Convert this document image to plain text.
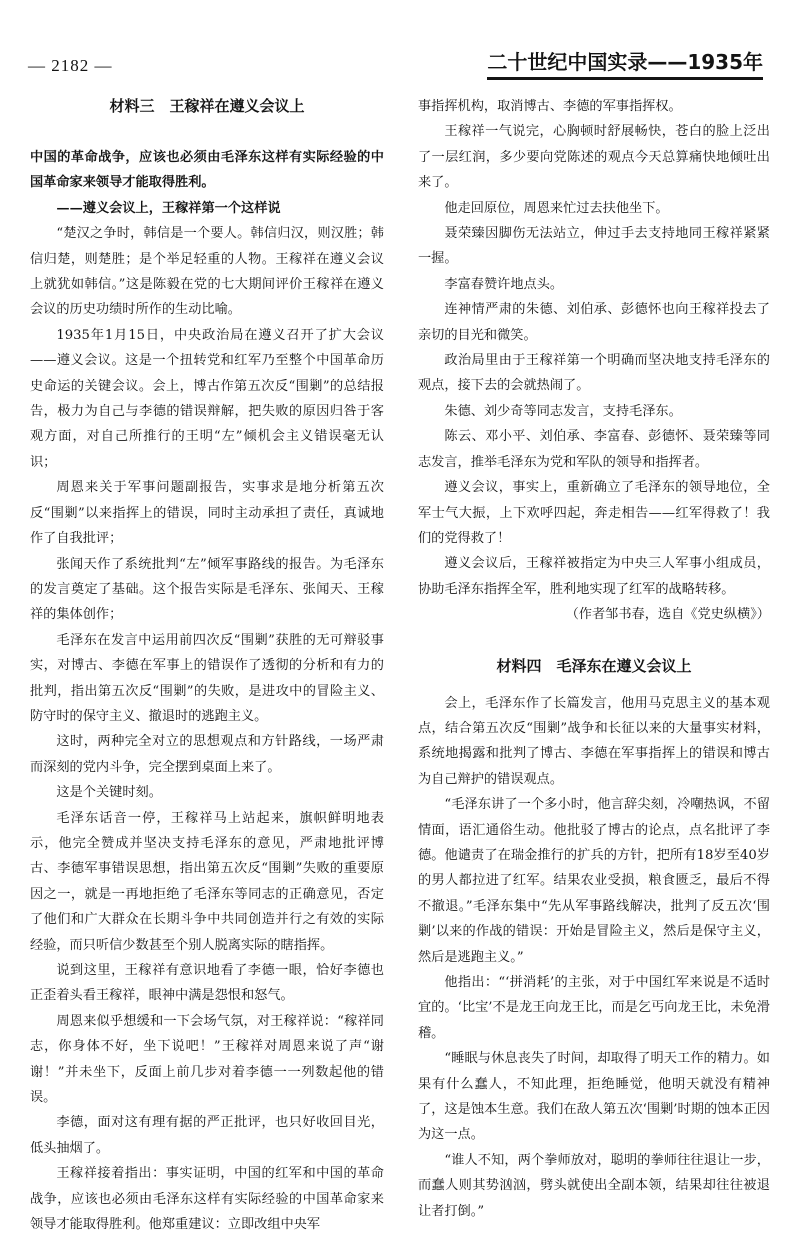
— 2182 —	二十世纪中国实录——1935年
材料三　王稼祥在遵义会议上

中国的革命战争，应该也必须由毛泽东这样有实际经验的中国革命家来领导才能取得胜利。

——遵义会议上，王稼祥第一个这样说

“楚汉之争时，韩信是一个要人。韩信归汉，则汉胜；韩信归楚，则楚胜；是个举足轻重的人物。王稼祥在遵义会议上就犹如韩信。”这是陈毅在党的七大期间评价王稼祥在遵义会议的历史功绩时所作的生动比喻。

1935年1月15日，中央政治局在遵义召开了扩大会议——遵义会议。这是一个扭转党和红军乃至整个中国革命历史命运的关键会议。会上，博古作第五次反“围剿”的总结报告，极力为自己与李德的错误辩解，把失败的原因归咎于客观方面，对自己所推行的王明“左”倾机会主义错误毫无认识；

周恩来关于军事问题副报告，实事求是地分析第五次反“围剿”以来指挥上的错误，同时主动承担了责任，真诚地作了自我批评；

张闻天作了系统批判“左”倾军事路线的报告。为毛泽东的发言奠定了基础。这个报告实际是毛泽东、张闻天、王稼祥的集体创作；

毛泽东在发言中运用前四次反“围剿”获胜的无可辩驳事实，对博古、李德在军事上的错误作了透彻的分析和有力的批判，指出第五次反“围剿”的失败，是进攻中的冒险主义、防守时的保守主义、撤退时的逃跑主义。

这时，两种完全对立的思想观点和方针路线，一场严肃而深刻的党内斗争，完全摆到桌面上来了。

这是个关键时刻。

毛泽东话音一停，王稼祥马上站起来，旗帜鲜明地表示，他完全赞成并坚决支持毛泽东的意见，严肃地批评博古、李德军事错误思想，指出第五次反“围剿”失败的重要原因之一，就是一再地拒绝了毛泽东等同志的正确意见，否定了他们和广大群众在长期斗争中共同创造并行之有效的实际经验，而只听信少数甚至个别人脱离实际的瞎指挥。

说到这里，王稼祥有意识地看了李德一眼，恰好李德也正歪着头看王稼祥，眼神中满是怨恨和怒气。

周恩来似乎想缓和一下会场气氛，对王稼祥说：“稼祥同志，你身体不好，坐下说吧！”王稼祥对周恩来说了声“谢谢！”并未坐下，反面上前几步对着李德一一列数起他的错误。

李德，面对这有理有据的严正批评，也只好收回目光，低头抽烟了。

王稼祥接着指出：事实证明，中国的红军和中国的革命战争，应该也必须由毛泽东这样有实际经验的中国革命家来领导才能取得胜利。他郑重建议：立即改组中央军

事指挥机构，取消博古、李德的军事指挥权。

王稼祥一气说完，心胸顿时舒展畅快，苍白的脸上泛出了一层红润，多少要向党陈述的观点今天总算痛快地倾吐出来了。

他走回原位，周恩来忙过去扶他坐下。

聂荣臻因脚伤无法站立，伸过手去支持地同王稼祥紧紧一握。

李富春赞许地点头。

连神情严肃的朱德、刘伯承、彭德怀也向王稼祥投去了亲切的目光和微笑。

政治局里由于王稼祥第一个明确而坚决地支持毛泽东的观点，接下去的会就热闹了。

朱德、刘少奇等同志发言，支持毛泽东。

陈云、邓小平、刘伯承、李富春、彭德怀、聂荣臻等同志发言，推举毛泽东为党和军队的领导和指挥者。

遵义会议，事实上，重新确立了毛泽东的领导地位，全军士气大振，上下欢呼四起，奔走相告——红军得救了！我们的党得救了！

遵义会议后，王稼祥被指定为中央三人军事小组成员，协助毛泽东指挥全军，胜利地实现了红军的战略转移。

（作者邹书春，选自《党史纵横》）

材料四　毛泽东在遵义会议上

会上，毛泽东作了长篇发言，他用马克思主义的基本观点，结合第五次反“围剿”战争和长征以来的大量事实材料，系统地揭露和批判了博古、李德在军事指挥上的错误和博古为自己辩护的错误观点。

“毛泽东讲了一个多小时，他言辞尖刻，冷嘲热讽，不留情面，语汇通俗生动。他批驳了博古的论点，点名批评了李德。他谴责了在瑞金推行的扩兵的方针，把所有18岁至40岁的男人都拉进了红军。结果农业受损，粮食匮乏，最后不得不撤退。”毛泽东集中“先从军事路线解决，批判了反五次‘围剿’以来的作战的错误：开始是冒险主义，然后是保守主义，然后是逃跑主义。”

他指出：“‘拼消耗’的主张，对于中国红军来说是不适时宜的。‘比宝’不是龙王向龙王比，而是乞丐向龙王比，未免滑稽。

“睡眠与休息丧失了时间，却取得了明天工作的精力。如果有什么蠢人，不知此理，拒绝睡觉，他明天就没有精神了，这是蚀本生意。我们在敌人第五次‘围剿’时期的蚀本正因为这一点。

“谁人不知，两个拳师放对，聪明的拳师往往退让一步，而蠢人则其势汹汹，劈头就使出全副本领，结果却往往被退让者打倒。”
